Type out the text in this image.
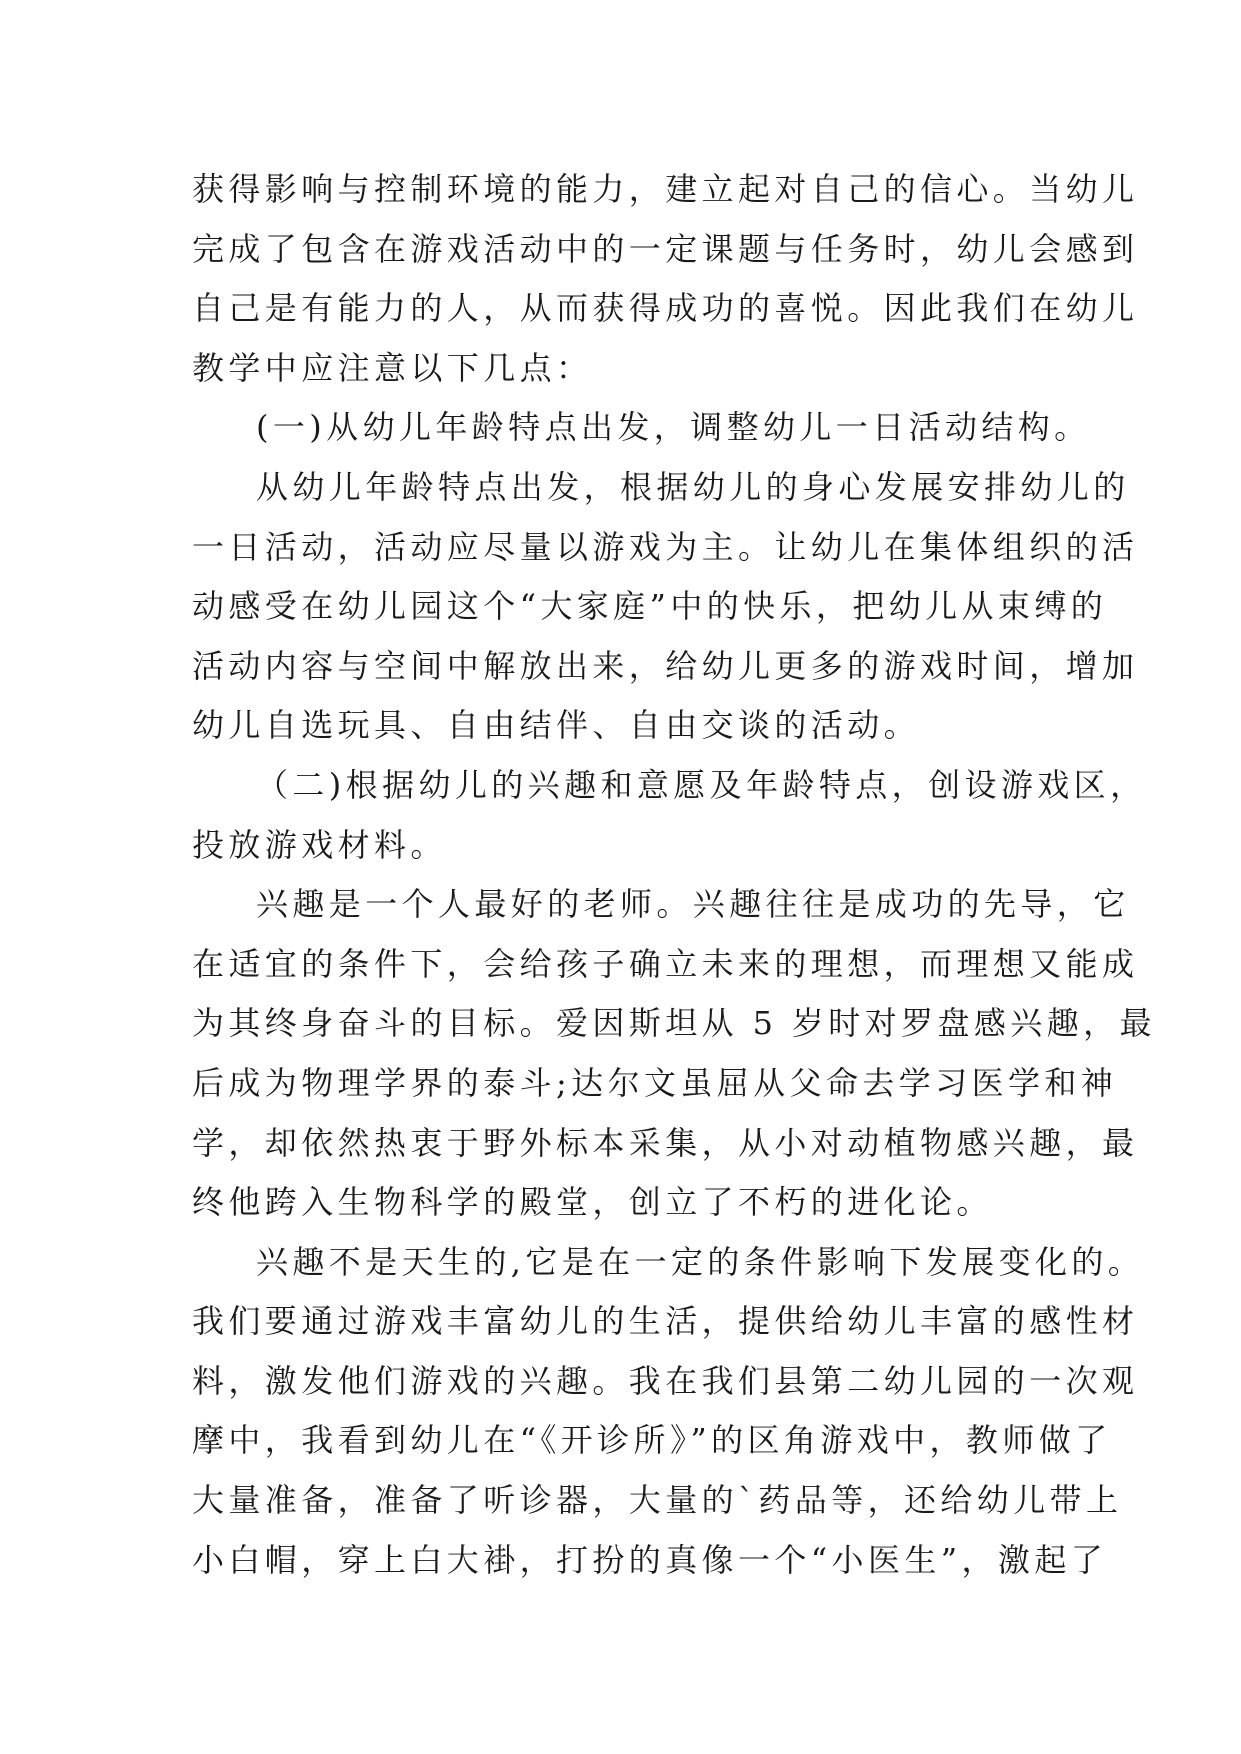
获得影响与控制环境的能力，建立起对自己的信心。当幼儿
完成了包含在游戏活动中的一定课题与任务时，幼儿会感到
自己是有能力的人，从而获得成功的喜悦。因此我们在幼儿
教学中应注意以下几点：
(一)从幼儿年龄特点出发，调整幼儿一日活动结构。
从幼儿年龄特点出发，根据幼儿的身心发展安排幼儿的
一日活动，活动应尽量以游戏为主。让幼儿在集体组织的活
动感受在幼儿园这个“大家庭”中的快乐，把幼儿从束缚的
活动内容与空间中解放出来，给幼儿更多的游戏时间，增加
幼儿自选玩具、自由结伴、自由交谈的活动。
（二)根据幼儿的兴趣和意愿及年龄特点，创设游戏区，
投放游戏材料。
兴趣是一个人最好的老师。兴趣往往是成功的先导，它
在适宜的条件下，会给孩子确立未来的理想，而理想又能成
为其终身奋斗的目标。爱因斯坦从 5 岁时对罗盘感兴趣，最
后成为物理学界的泰斗;达尔文虽屈从父命去学习医学和神
学，却依然热衷于野外标本采集，从小对动植物感兴趣，最
终他跨入生物科学的殿堂，创立了不朽的进化论。
兴趣不是天生的,它是在一定的条件影响下发展变化的。
我们要通过游戏丰富幼儿的生活，提供给幼儿丰富的感性材
料，激发他们游戏的兴趣。我在我们县第二幼儿园的一次观
摩中，我看到幼儿在“《开诊所》”的区角游戏中，教师做了
大量准备，准备了听诊器，大量的`药品等，还给幼儿带上
小白帽，穿上白大褂，打扮的真像一个“小医生”，激起了
